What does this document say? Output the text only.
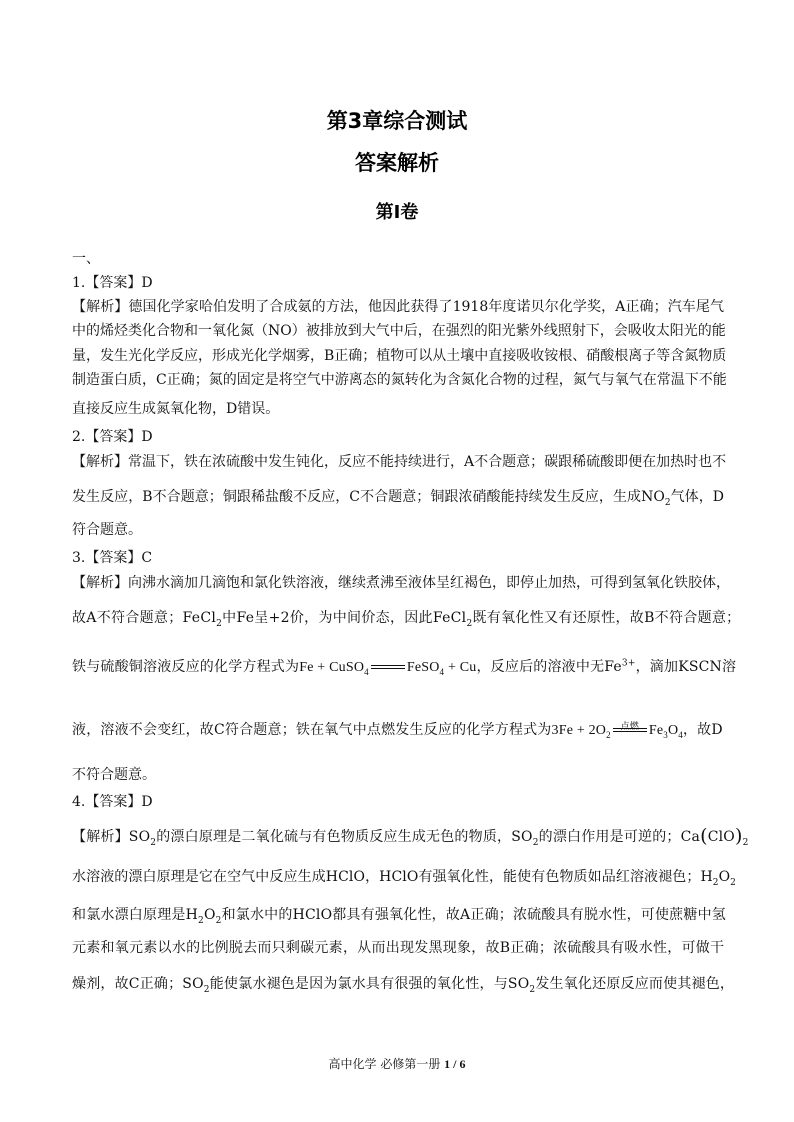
第3章综合测试
答案解析
第I卷
一、
1.【答案】D
【解析】德国化学家哈伯发明了合成氨的方法，他因此获得了1918年度诺贝尔化学奖，A正确；汽车尾气
中的烯烃类化合物和一氧化氮（NO）被排放到大气中后，在强烈的阳光紫外线照射下，会吸收太阳光的能
量，发生光化学反应，形成光化学烟雾，B正确；植物可以从土壤中直接吸收铵根、硝酸根离子等含氮物质
制造蛋白质，C正确；氮的固定是将空气中游离态的氮转化为含氮化合物的过程，氮气与氧气在常温下不能
直接反应生成氮氧化物，D错误。
2.【答案】D
【解析】常温下，铁在浓硫酸中发生钝化，反应不能持续进行，A不合题意；碳跟稀硫酸即便在加热时也不
发生反应，B不合题意；铜跟稀盐酸不反应，C不合题意；铜跟浓硝酸能持续发生反应，生成$NO_2$气体，D
符合题意。
3.【答案】C
【解析】向沸水滴加几滴饱和氯化铁溶液，继续煮沸至液体呈红褐色，即停止加热，可得到氢氧化铁胶体，
故A不符合题意；FeCl$_2$中Fe呈+2价，为中间价态，因此FeCl$_2$既有氧化性又有还原性，故B不符合题意；
铁与硫酸铜溶液反应的化学方程式为Fe + CuSO$_4$	FeSO$_4$ + Cu，反应后的溶液中无$Fe^{3+}$，滴加KSCN溶
液，溶液不会变红，故C符合题意；铁在氧气中点燃发生反应的化学方程式为$3Fe + 2O_2$
点燃 $Fe_3O_4$，故D
不符合题意。
4.【答案】D
【解析】$SO_2$的漂白原理是二氧化硫与有色物质反应生成无色的物质，$SO_2$的漂白作用是可逆的；$Ca(ClO)_2$
水溶液的漂白原理是它在空气中反应生成HClO，HClO有强氧化性，能使有色物质如品红溶液褪色；$H_2O_2$
和氯水漂白原理是$H_2O_2$和氯水中的HClO都具有强氧化性，故A正确；浓硫酸具有脱水性，可使蔗糖中氢
元素和氧元素以水的比例脱去而只剩碳元素，从而出现发黑现象，故B正确；浓硫酸具有吸水性，可做干
燥剂，故C正确；$SO_2$能使氯水褪色是因为氯水具有很强的氧化性，与$SO_2$发生氧化还原反应而使其褪色，
高中化学 必修第一册 1 / 6
